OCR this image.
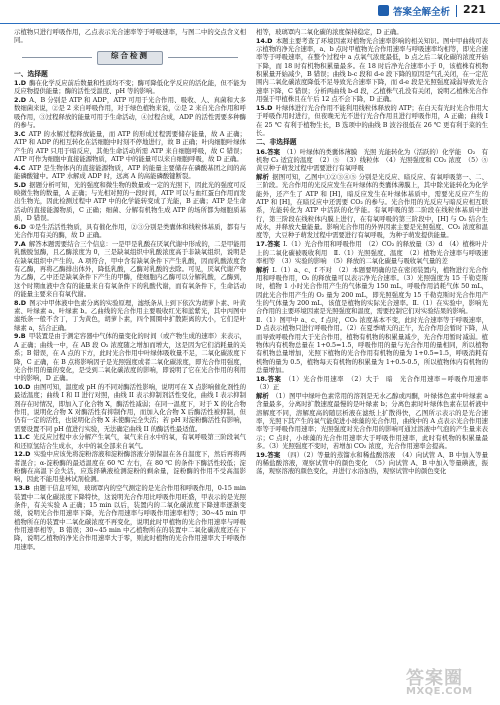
答案全解全析 221
示植物只进行呼吸作用，乙点表示光合速率等于呼吸速率，与图二中的交点含义相同。
综合检测
一、选择题
1.D  酶在化学反应前后数量和性质均不变；酶可降低化学反应的活化能，但不能为反应物提供能量；酶的活性受温度、pH 等的影响。
2.D  A、B 分别是 ATP 和 ADP，ATP 可用于光合作用、吸收、人、真菌和大多数细菌来说，②是 2 来自呼吸作用，对于绿色植物来说，②是 2 来自光合作用和呼吸作用，③过程释放的能量可用于生命活动，④过程合成，ADP 的活性需要多种酶的参与。
3.C  ATP 的水解过程释放能量，而 ATP 的形成过程需要储存能量，故 A 正确；ATP 和 ADP 的相互转化在活细胞中时刻不停地进行，故 B 正确；叶肉细胞叶绿体产生的 ATP 只用于暗反应，其他生命活动所需 ATP 来自细胞呼吸，故 C 错误；ATP 可作为细胞中直接能源物质，ATP 中的能量可以来自细胞呼吸，故 D 正确。
4.C  ATP 是生物体内的直接能源物质，ATP 的能量主要储存在磷酸基团之间的高能磷酸键中。ATP 水解成 ADP 时，远离 A 的高能磷酸键断裂。
5.D  据题分析可知，光的强度和微生物的数量或一定的光照下，因此光的强度可反映微生物的数量，A 正确；与光相对照的一段时间，ATP 可以与血红蛋白作用而发出生物光，因此检测过程中 ATP 中的化学能转变成了光能，B 正确；ATP 是生命活动的直接能源物质，C 正确；细菌、分解有机物生成 ATP 的场所都为细胞质基质，D 错误。
6.D  ①是生活活性物质，具有催化作用，②③分别是类囊体和线粒体基质，都有与光合作用有关的酶，故 D 正确。
7.A  解答本题需要结合三个信息：一是甲是乳酸在厌氧代谢中形成的，二是甲能用乳酸脱氢酶，且乙酶浓度为 0，三是缺氧组织中乳酸浓度高于非缺氧组织，说明是在缺氧组织中产生的。A 项符合，甲中含有缺氧条件下产生乳酸，因而乳酸浓度含有乙酶，再将乙酶排出体外，降低乳酸，乙酶对乳酸的去除。可见，厌氧代谢产物为乙酶，乙中还是缺氧条件下产生的甲酶，使细胞内乙酶可以分解乳酸，乙酶到，这个时期血液中含有的能量来自有氧条件下的乳酸代谢，而有氧条件下，生命活动的能量主要来自有氧代谢。
8.D  图示中甲体液中色素分离的实验原理，滤纸条从上到下依次为胡萝卜素、叶黄素、叶绿素 a、叶绿素 b。乙曲线的光合作用主要吸收红光和蓝紫光，其中丙图中滤纸条一般不含丁，丁为黄色，胡萝卜素，四个圆圈中扩散距离的大小，它们是叶绿素 a，结合正确。
9.B  甲装置是由于测定容器中气体的量变化的时间（或产物生成的速率）来表示，A 正确；曲线一中，在 AB 段 O₂ 浓度随之增加而增大，这是因为它们消耗量的关系；B 错误，在 A 点的下方，此时光合作用中叶绿体吸收量不足，二氧化碳浓度下降，C 正确，在 B 点将影响因子是光照强度或者二氧化碳浓度，即光合作用强度，光合作用的量的变化，是受到二氧化碳浓度的影响，即说明了它在光合作用的利用中的影响，D 正确。
10.D  由图可知，温度或 pH 的不同对酶活性影响，说明可在 X 点影响催化剂性的最适温度；曲线 I 和 II 进行对照，曲线 II 表示抑制剂活性变化，曲线 I 表示抑制剂存在时情况，即加入了化合物 X，酶活性减弱；在同一温度下，对于 X 的化合物作用，说明化合物 X 对酶活性有抑制作用，而加入化合物 X 后酶活性被抑制，但仍有一定的活性，也说明化合物 X 未使酶完全失活；若 pH 对淀粉酶活性有影响，需要设置不同 pH 值进行实验，无法确定曲线 II 的酶活性最适值。
11.C  光反应过程中水分解产生氧气，氧气来自水中的氧，有氧呼吸第三阶段氧气和还原氢结合生成水，水中的氧全部来自氧气。
12.D  实验中应该先将淀粉溶液和淀粉酶溶液分别保温在各自温度下，然后再将两者混合；α-淀粉酶的最适温度在 60 ℃ 左右，在 80 ℃ 的条件下酶活性较低；淀粉酶在高温下会失活，应选择碘液检测淀粉的剩余量，淀粉酶的作用不受高温影响，因此不能用斐林试剂检测。
13.B  由题干信息可知，玻璃罩内的空气测定的是光合作用和呼吸作用，0-15 min 装置中二氧化碳浓度下降特快，这说明光合作用比呼吸作用旺盛，甲表示的是光照条件，有关实验 A 正确；15 min 以后，装置内的二氧化碳浓度下降速率逐渐变缓，说明光合作用速率下降，光合作用速率与呼吸作用速率相等；30~45 min 甲植物所在的装置中二氧化碳浓度不再变化，说明此时甲植物的光合作用速率与呼吸作用速率相等，B 错误；30~45 min 中乙植物所在的装置中二氧化碳浓度还在下降，说明乙植物的净光合作用速率大于零，则此时植物的光合作用速率大于呼吸作用速率。
相等，玻璃罩内二氧化碳的浓度保持稳定，D 正确。
14.D  本题主要考查了环境因素对植物光合速率影响的相关知识。图中甲曲线可表示植物的净光合速率，a、b 点时甲植物光合作用速率与呼吸速率均相等，即光合速率等于呼吸速率，在整个过程中 a 点氧气浓度最低，b 点之后二氧化碳的浓度开始下降，而 18 时有机物积累量最多。在 18 时后净光合速率小于 0，该植株有机物积累量开始减少，B 错误；曲线 b-c 段和 d-e 段下降的原因是气孔关闭，在一定范围内二氧化碳浓度降低不足导致光合速率下降，而 d-e 段是光照强度减弱导致光合速率下降，C 错误；分析两曲线 b-d 段，乙植株气孔没有关闭，说明乙植株光合作用强于甲植株且在午后 12 点不会下降，D 正确。
15.D  叶绿体进行光合作用不能利用线粒体释放的 ATP；在白天有光时光合作用大于呼吸作用时进行，但夜晚无光不进行光合作用且进行呼吸作用，A 正确；曲线 I 在 25 ℃ 有利于植物生长，B 选项中的曲线 B 波谷很低在 26 ℃ 更有利于菜的生长。
二、非选择题
16.答案  （1）叶绿体的类囊体薄膜　光照 光能转化为（活跃的）化学能　O₂　有机物 C₃ 适宜的温度　（2）⑤　（3）线粒体　（4）光照强度和 CO₂ 浓度　（5）⑤ 黄豆种子萌发过程中需要进行有氧呼吸
解析  据图可知，乙图中①②③④⑤ 分别是光反应、暗反应、有氧呼吸第一、二、三阶段。光合作用的光反应发生在叶绿体的类囊体薄膜上，其中除光能转化为化学能外，还产生了 ATP 和 [H]，暗反应发生在叶绿体基质中，需要光反应产生的 ATP 和 [H]，在暗反应中还需要 CO₂ 的参与。光合作用的光反应与暗反应相互联系，光能转化为 ATP 中活跃的化学能。有氧呼吸的第二阶段在线粒体基质中进行，第三阶段在线粒体内膜上进行，在有氧呼吸的第三阶段中，[H] 与 O₂ 结合生成水，并释放大量能量。影响光合作用的外界因素主要是光照强度、CO₂ 浓度和温度等，大豆种子萌发过程中需要进行有氧呼吸，为种子萌发提供能量。
17.答案  Ⅰ.（1）光合作用和呼吸作用　（2）CO₂ 的释放量（3）d　（4）植株叶片上的二氧化碳被吸收利用　Ⅱ.（1）光照强度、温度　（2）植物光合速率与呼吸速率相等　（3）实验的影响　（5）释放的二氧化碳量与吸收氧气量的差
解析  Ⅰ.（1）a、c、f 不对　（2）本题要明确的是在密闭装置内，植物进行光合作用和呼吸作用，O₂ 的释放量可以表示净光合速率。（3）光照强度为 15 千勒克斯时，植物 1 小时光合作用产生的气体量为 150 mL，呼吸作用消耗气体 50 mL，因此光合作用产生的 O₂ 量为 200 mL，即光照强度为 15 千勒克斯时光合作用产生的气体量为 200 mL，该值是植物的实际光合速率。Ⅱ.（1）在实验中，影响光合作用的主要环境因素是光照强度和温度，需要控制它们对实验结果的影响。
Ⅱ.（1）图甲中 a、c、f 点时，CO₂ 浓度基本不变，此时光合速率等于呼吸速率，D 点表示植物只进行呼吸作用。（2）在夏季晴天的正午，光合作用会暂时下降，从而导致呼吸作用大于光合作用，植物有机物的积累量减少，光合作用暂时减弱。植物体内有机物总量在 1+0.5=1.5，呼吸作用的量与光合作用的量相同，所以植物有机物总量增加，光照下植物的光合作用有机物的量为 1+0.5=1.5，呼吸消耗有机物的量为 0.5，植物每天有机物的积累量为 1+0.5-0.5，所以植物体内有机物的总量增加。
18.答案  （1）光合作用速率　（2）大于　暗　光合作用速率＝呼吸作用速率　（3）正
解析  （1）图甲中绿叶色素常用的溶剂是无水乙醇或丙酮，叶绿体色素中叶绿素 a 含量最多，分离时扩散速度最慢的是叶绿素 b；分离色素时叶绿体色素在层析液中溶解度不同，溶解度高的随层析液在滤纸上扩散得快，乙图所示表示的是光合速率，光照下其产生的氧气能促进小球藻的光合作用，曲线中的 A 点表示光合作用速率等于呼吸作用速率；光照强度对光合作用的影响可通过溶液中气泡的产生量来表示；C 点时，小球藻的光合作用速率大于呼吸作用速率，此时有机物的积累量最多。（3）光照强度不变时，若增加 CO₂ 浓度，光合作用速率会提高。
19.答案  （四）（2）等量的蒸馏水和稀盐酸溶液　（4）向试管 A、B 中加入等量的稀盐酸溶液，观察试管中的颜色变化　（5）向试管 A、B 中加入等量碘液，振荡，观察溶液的颜色变化，并进行水浴加热，观察试管中的颜色变化
答案圈
MXQE.COM
